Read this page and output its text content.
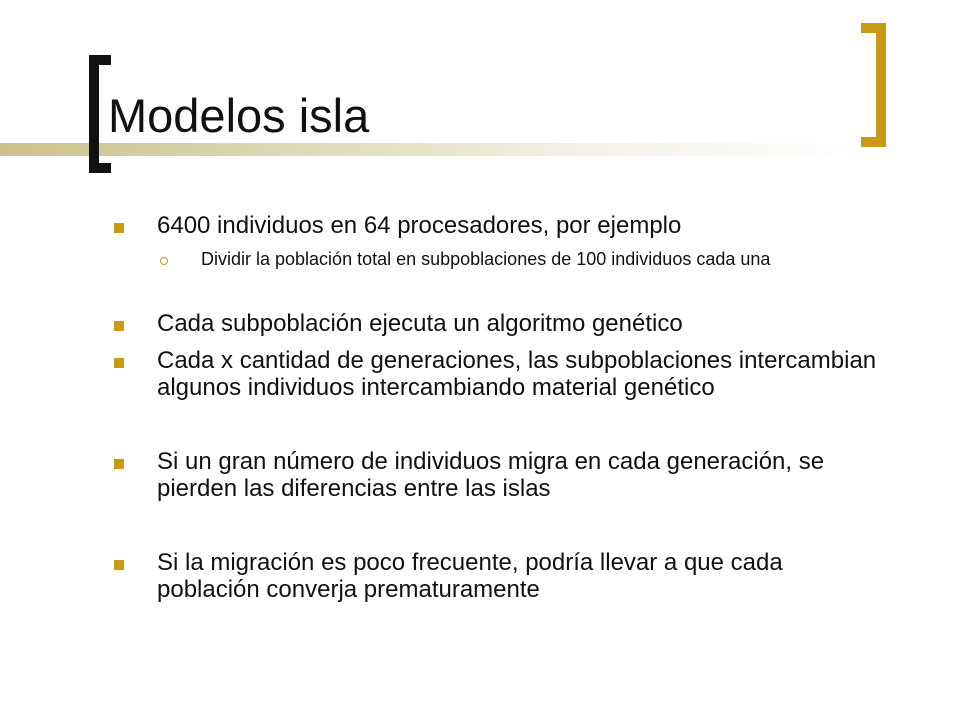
Modelos isla

6400 individuos en 64 procesadores, por ejemplo

Dividir la población total en subpoblaciones de 100 individuos cada una

Cada subpoblación ejecuta un algoritmo genético

Cada x cantidad de generaciones, las subpoblaciones intercambian algunos individuos intercambiando material genético

Si un gran número de individuos migra en cada generación, se pierden las diferencias entre las islas

Si la migración es poco frecuente, podría llevar a que cada población converja prematuramente
